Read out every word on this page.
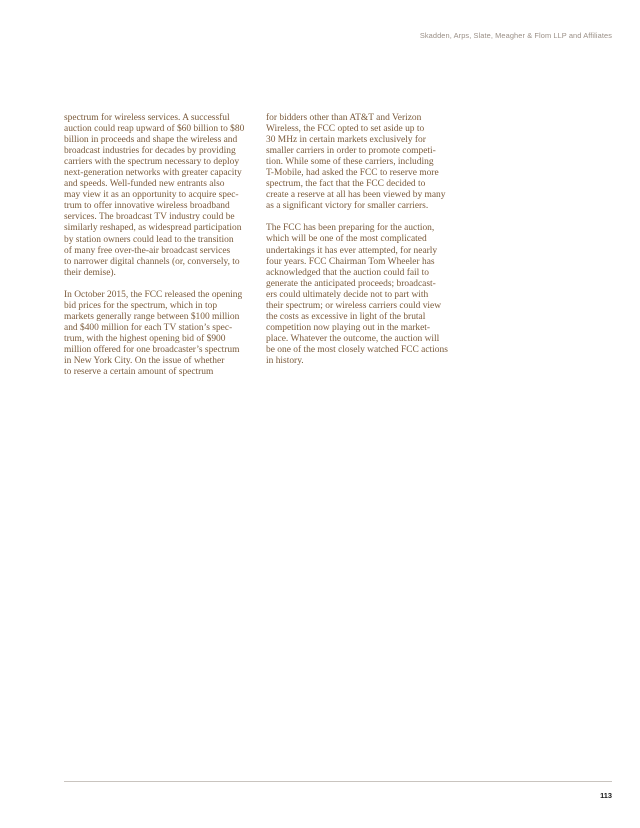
Skadden, Arps, Slate, Meagher & Flom LLP and Affiliates

spectrum for wireless services. A successful
auction could reap upward of $60 billion to $80
billion in proceeds and shape the wireless and
broadcast industries for decades by providing
carriers with the spectrum necessary to deploy
next-generation networks with greater capacity
and speeds. Well-funded new entrants also
may view it as an opportunity to acquire spec-
trum to offer innovative wireless broadband
services. The broadcast TV industry could be
similarly reshaped, as widespread participation
by station owners could lead to the transition
of many free over-the-air broadcast services
to narrower digital channels (or, conversely, to
their demise).

In October 2015, the FCC released the opening
bid prices for the spectrum, which in top
markets generally range between $100 million
and $400 million for each TV station’s spec-
trum, with the highest opening bid of $900
million offered for one broadcaster’s spectrum
in New York City. On the issue of whether
to reserve a certain amount of spectrum

for bidders other than AT&T and Verizon
Wireless, the FCC opted to set aside up to
30 MHz in certain markets exclusively for
smaller carriers in order to promote competi-
tion. While some of these carriers, including
T-Mobile, had asked the FCC to reserve more
spectrum, the fact that the FCC decided to
create a reserve at all has been viewed by many
as a significant victory for smaller carriers.

The FCC has been preparing for the auction,
which will be one of the most complicated
undertakings it has ever attempted, for nearly
four years. FCC Chairman Tom Wheeler has
acknowledged that the auction could fail to
generate the anticipated proceeds; broadcast-
ers could ultimately decide not to part with
their spectrum; or wireless carriers could view
the costs as excessive in light of the brutal
competition now playing out in the market-
place. Whatever the outcome, the auction will
be one of the most closely watched FCC actions
in history.

113
